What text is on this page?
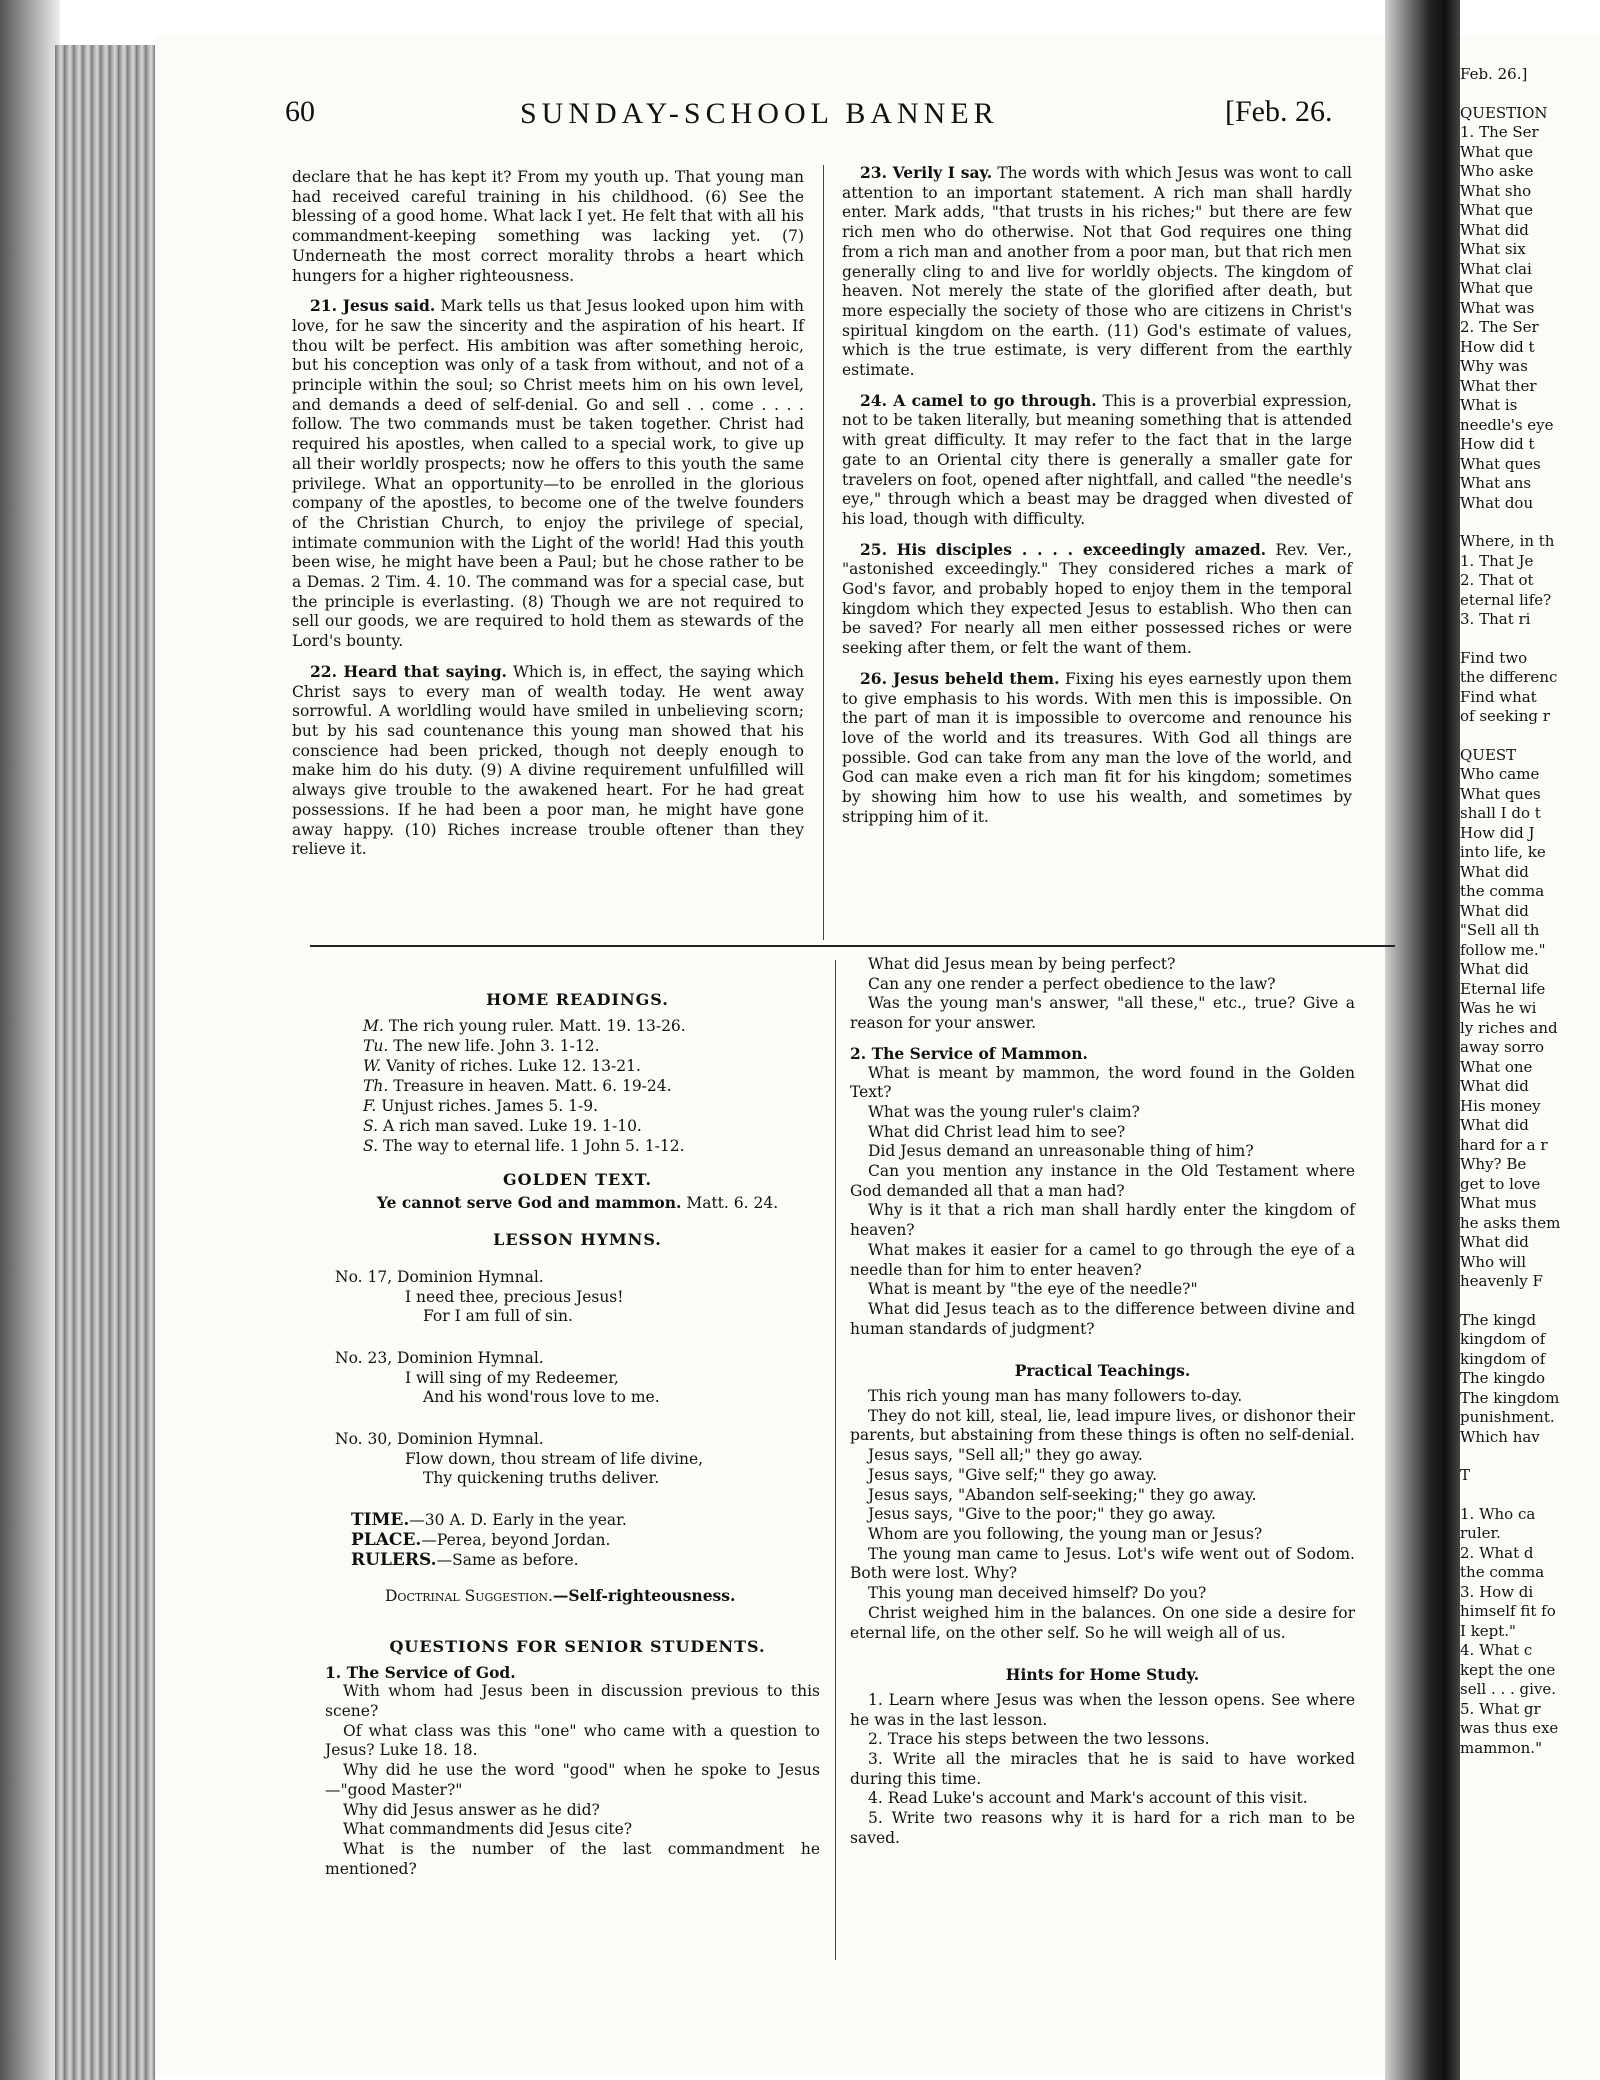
60	SUNDAY-SCHOOL BANNER	[Feb. 26.

declare that he has kept it? From my youth up. That young man had received careful training in his childhood. (6) See the blessing of a good home. What lack I yet. He felt that with all his commandment-keeping something was lacking yet. (7) Underneath the most correct morality throbs a heart which hungers for a higher righteousness.

21. Jesus said. Mark tells us that Jesus looked upon him with love, for he saw the sincerity and the aspiration of his heart. If thou wilt be perfect. His ambition was after something heroic, but his conception was only of a task from without, and not of a principle within the soul; so Christ meets him on his own level, and demands a deed of self-denial. Go and sell . . come . . . . follow. The two commands must be taken together. Christ had required his apostles, when called to a special work, to give up all their worldly prospects; now he offers to this youth the same privilege. What an opportunity—to be enrolled in the glorious company of the apostles, to become one of the twelve founders of the Christian Church, to enjoy the privilege of special, intimate communion with the Light of the world! Had this youth been wise, he might have been a Paul; but he chose rather to be a Demas. 2 Tim. 4. 10. The command was for a special case, but the principle is everlasting. (8) Though we are not required to sell our goods, we are required to hold them as stewards of the Lord's bounty.

22. Heard that saying. Which is, in effect, the saying which Christ says to every man of wealth today. He went away sorrowful. A worldling would have smiled in unbelieving scorn; but by his sad countenance this young man showed that his conscience had been pricked, though not deeply enough to make him do his duty. (9) A divine requirement unfulfilled will always give trouble to the awakened heart. For he had great possessions. If he had been a poor man, he might have gone away happy. (10) Riches increase trouble oftener than they relieve it.

23. Verily I say. The words with which Jesus was wont to call attention to an important statement. A rich man shall hardly enter. Mark adds, "that trusts in his riches;" but there are few rich men who do otherwise. Not that God requires one thing from a rich man and another from a poor man, but that rich men generally cling to and live for worldly objects. The kingdom of heaven. Not merely the state of the glorified after death, but more especially the society of those who are citizens in Christ's spiritual kingdom on the earth. (11) God's estimate of values, which is the true estimate, is very different from the earthly estimate.

24. A camel to go through. This is a proverbial expression, not to be taken literally, but meaning something that is attended with great difficulty. It may refer to the fact that in the large gate to an Oriental city there is generally a smaller gate for travelers on foot, opened after nightfall, and called "the needle's eye," through which a beast may be dragged when divested of his load, though with difficulty.

25. His disciples . . . . exceedingly amazed. Rev. Ver., "astonished exceedingly." They considered riches a mark of God's favor, and probably hoped to enjoy them in the temporal kingdom which they expected Jesus to establish. Who then can be saved? For nearly all men either possessed riches or were seeking after them, or felt the want of them.

26. Jesus beheld them. Fixing his eyes earnestly upon them to give emphasis to his words. With men this is impossible. On the part of man it is impossible to overcome and renounce his love of the world and its treasures. With God all things are possible. God can take from any man the love of the world, and God can make even a rich man fit for his kingdom; sometimes by showing him how to use his wealth, and sometimes by stripping him of it.

HOME READINGS.
M. The rich young ruler. Matt. 19. 13-26.
Tu. The new life. John 3. 1-12.
W. Vanity of riches. Luke 12. 13-21.
Th. Treasure in heaven. Matt. 6. 19-24.
F. Unjust riches. James 5. 1-9.
S. A rich man saved. Luke 19. 1-10.
S. The way to eternal life. 1 John 5. 1-12.
GOLDEN TEXT.
Ye cannot serve God and mammon. Matt. 6. 24.
LESSON HYMNS.
No. 17, Dominion Hymnal.
I need thee, precious Jesus!
For I am full of sin.
No. 23, Dominion Hymnal.
I will sing of my Redeemer,
And his wond'rous love to me.
No. 30, Dominion Hymnal.
Flow down, thou stream of life divine,
Thy quickening truths deliver.
TIME.—30 A. D. Early in the year.
PLACE.—Perea, beyond Jordan.
RULERS.—Same as before.
Doctrinal Suggestion.—Self-righteousness.
QUESTIONS FOR SENIOR STUDENTS.
1. The Service of God.
With whom had Jesus been in discussion previous to this scene?
Of what class was this "one" who came with a question to Jesus? Luke 18. 18.
Why did he use the word "good" when he spoke to Jesus—"good Master?"
Why did Jesus answer as he did?
What commandments did Jesus cite?
What is the number of the last commandment he mentioned?
What did Jesus mean by being perfect?
Can any one render a perfect obedience to the law?
Was the young man's answer, "all these," etc., true? Give a reason for your answer.
2. The Service of Mammon.
What is meant by mammon, the word found in the Golden Text?
What was the young ruler's claim?
What did Christ lead him to see?
Did Jesus demand an unreasonable thing of him?
Can you mention any instance in the Old Testament where God demanded all that a man had?
Why is it that a rich man shall hardly enter the kingdom of heaven?
What makes it easier for a camel to go through the eye of a needle than for him to enter heaven?
What is meant by "the eye of the needle?"
What did Jesus teach as to the difference between divine and human standards of judgment?
Practical Teachings.
This rich young man has many followers to-day.
They do not kill, steal, lie, lead impure lives, or dishonor their parents, but abstaining from these things is often no self-denial.
Jesus says, "Sell all;" they go away.
Jesus says, "Give self;" they go away.
Jesus says, "Abandon self-seeking;" they go away.
Jesus says, "Give to the poor;" they go away.
Whom are you following, the young man or Jesus?
The young man came to Jesus. Lot's wife went out of Sodom. Both were lost. Why?
This young man deceived himself? Do you?
Christ weighed him in the balances. On one side a desire for eternal life, on the other self. So he will weigh all of us.
Hints for Home Study.
1. Learn where Jesus was when the lesson opens. See where he was in the last lesson.
2. Trace his steps between the two lessons.
3. Write all the miracles that he is said to have worked during this time.
4. Read Luke's account and Mark's account of this visit.
5. Write two reasons why it is hard for a rich man to be saved.
Feb. 26.]
QUESTION
1. The Ser
What que
Who aske
What sho
What que
What did
What six
What clai
What que
What was
2. The Ser
How did t
Why was
What ther
What is
needle's eye
How did t
What ques
What ans
What dou
Where, in th
1. That Je
2. That ot
eternal life?
3. That ri
Find two
the differenc
Find what
of seeking r
QUEST
Who came
What ques
shall I do t
How did J
into life, ke
What did
the comma
What did
"Sell all th
follow me."
What did
Eternal life
Was he wi
ly riches and
away sorro
What one
What did
His money
What did
hard for a r
Why? Be
get to love
What mus
he asks them
What did
Who will
heavenly F
The kingd
kingdom of
kingdom of
The kingdo
The kingdom
punishment.
Which hav
T
1. Who ca
ruler.
2. What d
the comma
3. How di
himself fit fo
I kept."
4. What c
kept the one
sell . . . give.
5. What gr
was thus exe
mammon."
